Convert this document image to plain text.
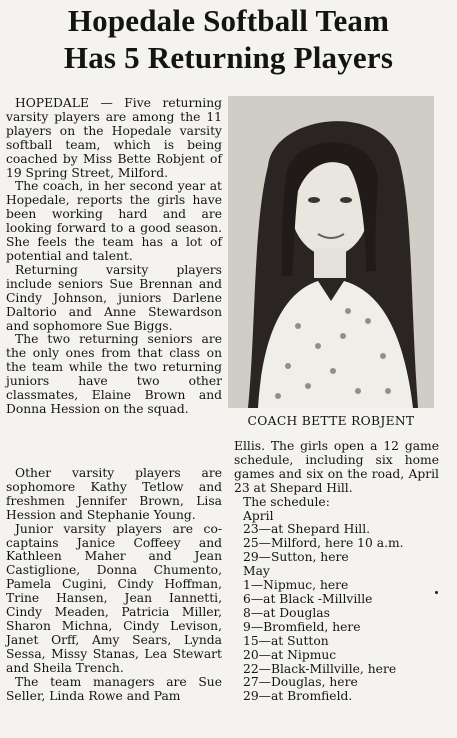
Hopedale Softball Team
Has 5 Returning Players

HOPEDALE — Five returning varsity players are among the 11 players on the Hopedale varsity softball team, which is being coached by Miss Bette Robjent of 19 Spring Street, Milford.

The coach, in her second year at Hopedale, reports the girls have been working hard and are looking forward to a good season. She feels the team has a lot of potential and talent.

Returning varsity players include seniors Sue Brennan and Cindy Johnson, juniors Darlene Daltorio and Anne Stewardson and sophomore Sue Biggs.

The two returning seniors are the only ones from that class on the team while the two returning juniors have two other classmates, Elaine Brown and Donna Hession on the squad.

Other varsity players are sophomore Kathy Tetlow and freshmen Jennifer Brown, Lisa Hession and Stephanie Young.

Junior varsity players are co-captains Janice Coffeey and Kathleen Maher and Jean Castiglione, Donna Chumento, Pamela Cugini, Cindy Hoffman, Trine Hansen, Jean Iannetti, Cindy Meaden, Patricia Miller, Sharon Michna, Cindy Levison, Janet Orff, Amy Sears, Lynda Sessa, Missy Stanas, Lea Stewart and Sheila Trench.

The team managers are Sue Seller, Linda Rowe and Pam

COACH BETTE ROBJENT

Ellis. The girls open a 12 game schedule, including six home games and six on the road, April 23 at Shepard Hill.

The schedule:

April

23—at Shepard Hill.

25—Milford, here 10 a.m.

29—Sutton, here

May

1—Nipmuc, here

6—at Black -Millville

8—at Douglas

9—Bromfield, here

15—at Sutton

20—at Nipmuc

22—Black-Millville, here

27—Douglas, here

29—at Bromfield.
